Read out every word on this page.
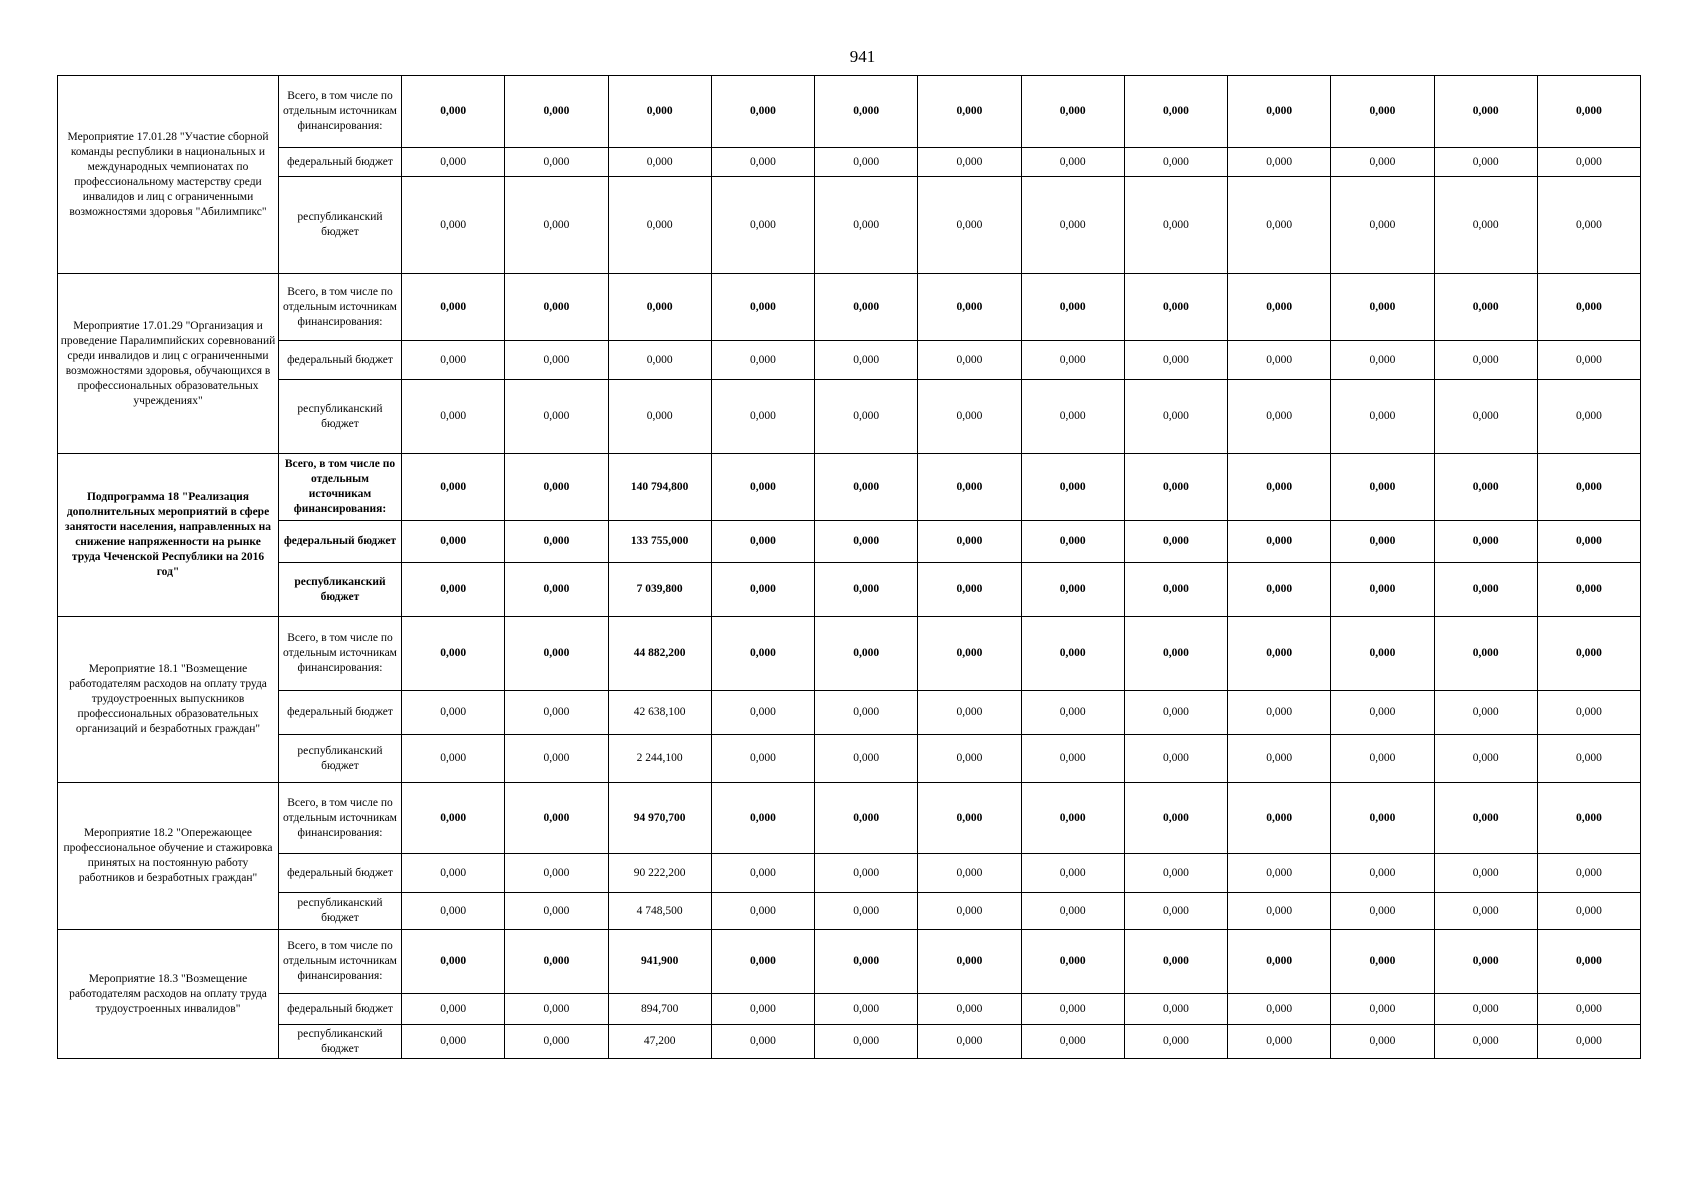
941
Мероприятие 17.01.28 "Участие сборной команды республики в национальных и международных чемпионатах по профессиональному мастерству среди инвалидов и лиц с ограниченными возможностями здоровья "Абилимпикс"	Всего, в том числе по отдельным источникам финансирования:	0,000	0,000	0,000	0,000	0,000	0,000	0,000	0,000	0,000	0,000	0,000	0,000
	федеральный бюджет	0,000	0,000	0,000	0,000	0,000	0,000	0,000	0,000	0,000	0,000	0,000	0,000
	республиканский бюджет	0,000	0,000	0,000	0,000	0,000	0,000	0,000	0,000	0,000	0,000	0,000	0,000
Мероприятие 17.01.29 "Организация и проведение Паралимпийских соревнований среди инвалидов и лиц с ограниченными возможностями здоровья, обучающихся в профессиональных образовательных учреждениях"	Всего, в том числе по отдельным источникам финансирования:	0,000	0,000	0,000	0,000	0,000	0,000	0,000	0,000	0,000	0,000	0,000	0,000
	федеральный бюджет	0,000	0,000	0,000	0,000	0,000	0,000	0,000	0,000	0,000	0,000	0,000	0,000
	республиканский бюджет	0,000	0,000	0,000	0,000	0,000	0,000	0,000	0,000	0,000	0,000	0,000	0,000
Подпрограмма 18 "Реализация дополнительных мероприятий в сфере занятости населения, направленных на снижение напряженности на рынке труда Чеченской Республики на 2016 год"	Всего, в том числе по отдельным источникам финансирования:	0,000	0,000	140 794,800	0,000	0,000	0,000	0,000	0,000	0,000	0,000	0,000	0,000
	федеральный бюджет	0,000	0,000	133 755,000	0,000	0,000	0,000	0,000	0,000	0,000	0,000	0,000	0,000
	республиканский бюджет	0,000	0,000	7 039,800	0,000	0,000	0,000	0,000	0,000	0,000	0,000	0,000	0,000
Мероприятие 18.1 "Возмещение работодателям расходов на оплату труда трудоустроенных выпускников профессиональных образовательных организаций и безработных граждан"	Всего, в том числе по отдельным источникам финансирования:	0,000	0,000	44 882,200	0,000	0,000	0,000	0,000	0,000	0,000	0,000	0,000	0,000
	федеральный бюджет	0,000	0,000	42 638,100	0,000	0,000	0,000	0,000	0,000	0,000	0,000	0,000	0,000
	республиканский бюджет	0,000	0,000	2 244,100	0,000	0,000	0,000	0,000	0,000	0,000	0,000	0,000	0,000
Мероприятие 18.2 "Опережающее профессиональное обучение и стажировка принятых на постоянную работу работников и безработных граждан"	Всего, в том числе по отдельным источникам финансирования:	0,000	0,000	94 970,700	0,000	0,000	0,000	0,000	0,000	0,000	0,000	0,000	0,000
	федеральный бюджет	0,000	0,000	90 222,200	0,000	0,000	0,000	0,000	0,000	0,000	0,000	0,000	0,000
	республиканский бюджет	0,000	0,000	4 748,500	0,000	0,000	0,000	0,000	0,000	0,000	0,000	0,000	0,000
Мероприятие 18.3 "Возмещение работодателям расходов на оплату труда трудоустроенных инвалидов"	Всего, в том числе по отдельным источникам финансирования:	0,000	0,000	941,900	0,000	0,000	0,000	0,000	0,000	0,000	0,000	0,000	0,000
	федеральный бюджет	0,000	0,000	894,700	0,000	0,000	0,000	0,000	0,000	0,000	0,000	0,000	0,000
	республиканский бюджет	0,000	0,000	47,200	0,000	0,000	0,000	0,000	0,000	0,000	0,000	0,000	0,000
